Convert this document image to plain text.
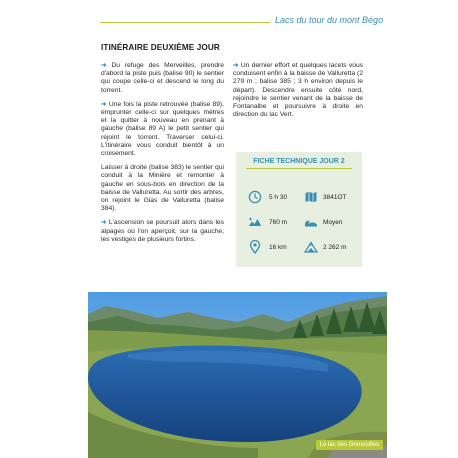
Lacs du tour du mont Bégo
ITINÉRAIRE DEUXIÈME JOUR

➜ Du refuge des Merveilles, prendre d'abord la piste puis (balise 90) le sentier qui coupe celle-ci et descend le long du torrent.

➜ Une fois la piste retrouvée (balise 89), emprunter celle-ci sur quelques mètres et la quitter à nouveau en prenant à gauche (balise 89 A) le petit sentier qui rejoint le torrent. Traverser celui-ci. L'itinéraire vous conduit bientôt à un croisement.

Laisser à droite (balise 383) le sentier qui conduit à la Minière et remonter à gauche en sous-bois en direction de la baisse de Valluretta. Au sortir des arbres, on rejoint le Gias de Valluretta (balise 384).

➜ L'ascension se poursuit alors dans les alpages où l'on aperçoit, sur la gauche, les vestiges de plusieurs fortins.

➜ Un dernier effort et quelques lacets vous conduisent enfin à la baisse de Valluretta (2 279 m ; balise 385 ; 3 h environ depuis le départ). Descendre ensuite côté nord, rejoindre le sentier venant de la baisse de Fontanalbe et poursuivre à droite en direction du lac Vert.

FICHE TECHNIQUE JOUR 2
5 h 30	3841OT
760 m	Moyen
16 km	2 262 m
Le lac des Grenouilles
